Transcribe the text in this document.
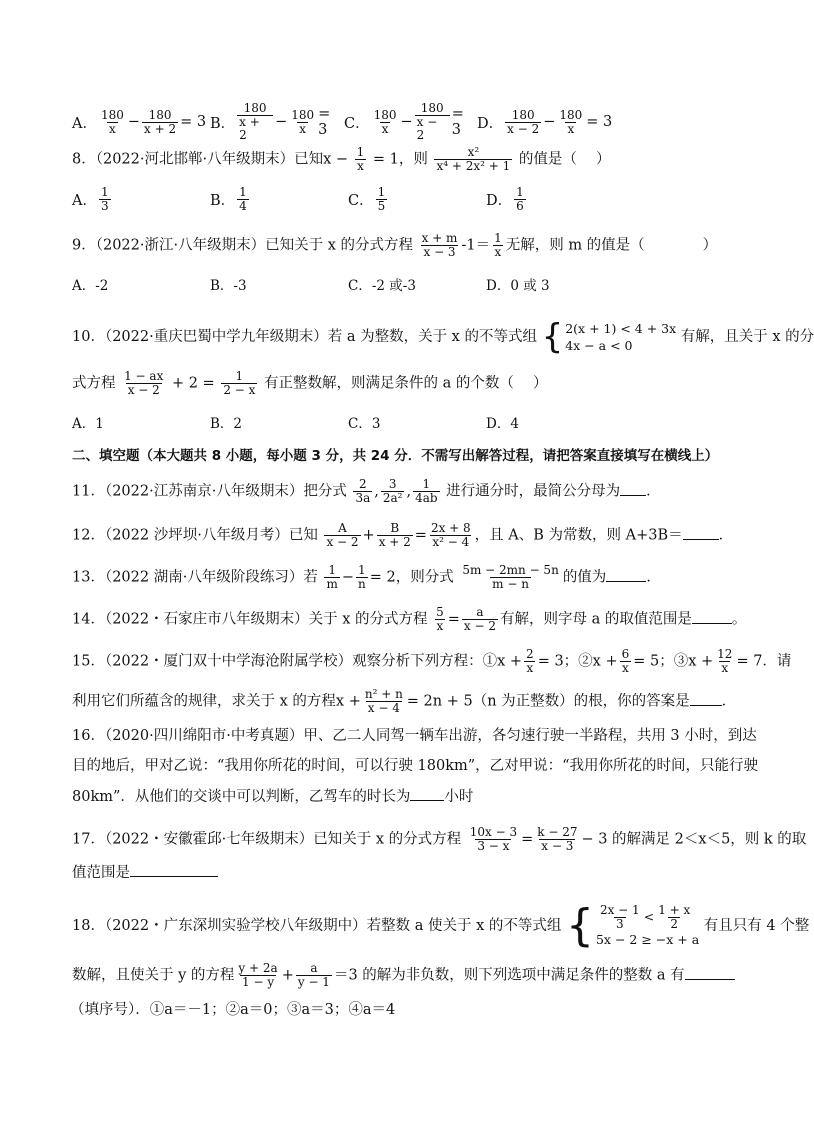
A． $\frac{180}{x} - \frac{180}{x + 2} = 3$ B． $\frac{180}{x + 2} - \frac{180}{x} = 3$	C． $\frac{180}{x} - \frac{180}{x - 2} = 3$	D． $\frac{180}{x - 2} - \frac{180}{x} = 3$
8．（2022·河北邯郸·八年级期末）已知$x - \frac{1}{x} = 1$，则 $\frac{\text{x²}}{\text{x⁴ + 2x² + 1}}$ 的值是（　 ）
A． $\frac{1}{3}$	B． $\frac{1}{4}$	C． $\frac{1}{5}$	D． $\frac{1}{6}$
9．（2022·浙江·八年级期末）已知关于 x 的分式方程 $\frac{x + m}{x - 3} -1= \frac{1}{x}$ 无解，则 m 的值是（　　　　）
A．-2	B．-3	C．-2 或-3	D．0 或 3
10．（2022·重庆巴蜀中学九年级期末）若 a 为整数，关于 x 的不等式组 { 2(x + 1) < 4 + 3x
4x − a < 0
有解，且关于 x 的分
式方程 $\frac{1 - ax}{x - 2} + 2 = \frac{1}{2 - x}$ 有正整数解，则满足条件的 a 的个数（　 ）
A．1	B．2	C．3	D．4
二、填空题（本大题共 8 小题，每小题 3 分，共 24 分．不需写出解答过程，请把答案直接填写在横线上）
11．（2022·江苏南京·八年级期末）把分式 $\frac{2}{3a}$ , $\frac{3}{\text{2a²}}$ , $\frac{1}{4ab}$ 进行通分时，最简公分母为 ．
12．（2022 沙坪坝·八年级月考）已知 $\frac{A}{x - 2} + \frac{B}{x + 2} = \frac{2x + 8}{\text{x² − 4}}$ ，且 A、B 为常数，则 A+3B＝ ．
13．（2022 湖南·八年级阶段练习）若 $\frac{1}{m} - \frac{1}{n} = 2$，则分式 $\frac{5m - 2mn - 5n}{m - n}$ 的值为	．
14．（2022・石家庄市八年级期末）关于 x 的分式方程 $\frac{5}{x} = \frac{a}{x - 2}$ 有解，则字母 a 的取值范围是	。
15．（2022・厦门双十中学海沧附属学校）观察分析下列方程：①x + $\frac{2}{x} = 3$；②x + $\frac{6}{x} = 5$；③x + $\frac{12}{x} = 7$．请
利用它们所蕴含的规律，求关于 x 的方程$x + \frac{\text{n² + n}}{x - 4} = 2n + 5(n$ 为正整数）的根，你的答案是 ．
16．（2020·四川绵阳市·中考真题）甲、乙二人同驾一辆车出游，各匀速行驶一半路程，共用 3 小时，到达
目的地后，甲对乙说：“我用你所花的时间，可以行驶 180km”，乙对甲说：“我用你所花的时间，只能行驶
80km”．从他们的交谈中可以判断，乙驾车的时长为 小时
17．（2022・安徽霍邱·七年级期末）已知关于 x 的分式方程 $\frac{10x - 3}{3 - x} = \frac{k - 27}{x - 3} - 3$ 的解满足 2＜x＜5，则 k 的取
值范围是
18．（2022・广东深圳实验学校八年级期中）若整数 a 使关于 x 的不等式组 { $\frac{2x - 1}{3} < \frac{1 + x}{2}$
5x − 2 ≥ −x + a
有且只有 4 个整
数解，且使关于 y 的方程 $\frac{y + 2a}{1 - y} + \frac{a}{y - 1} =3$ 的解为非负数，则下列选项中满足条件的整数 a 有
（填序号）．①a＝－1；②a＝0；③a＝3；④a＝4
